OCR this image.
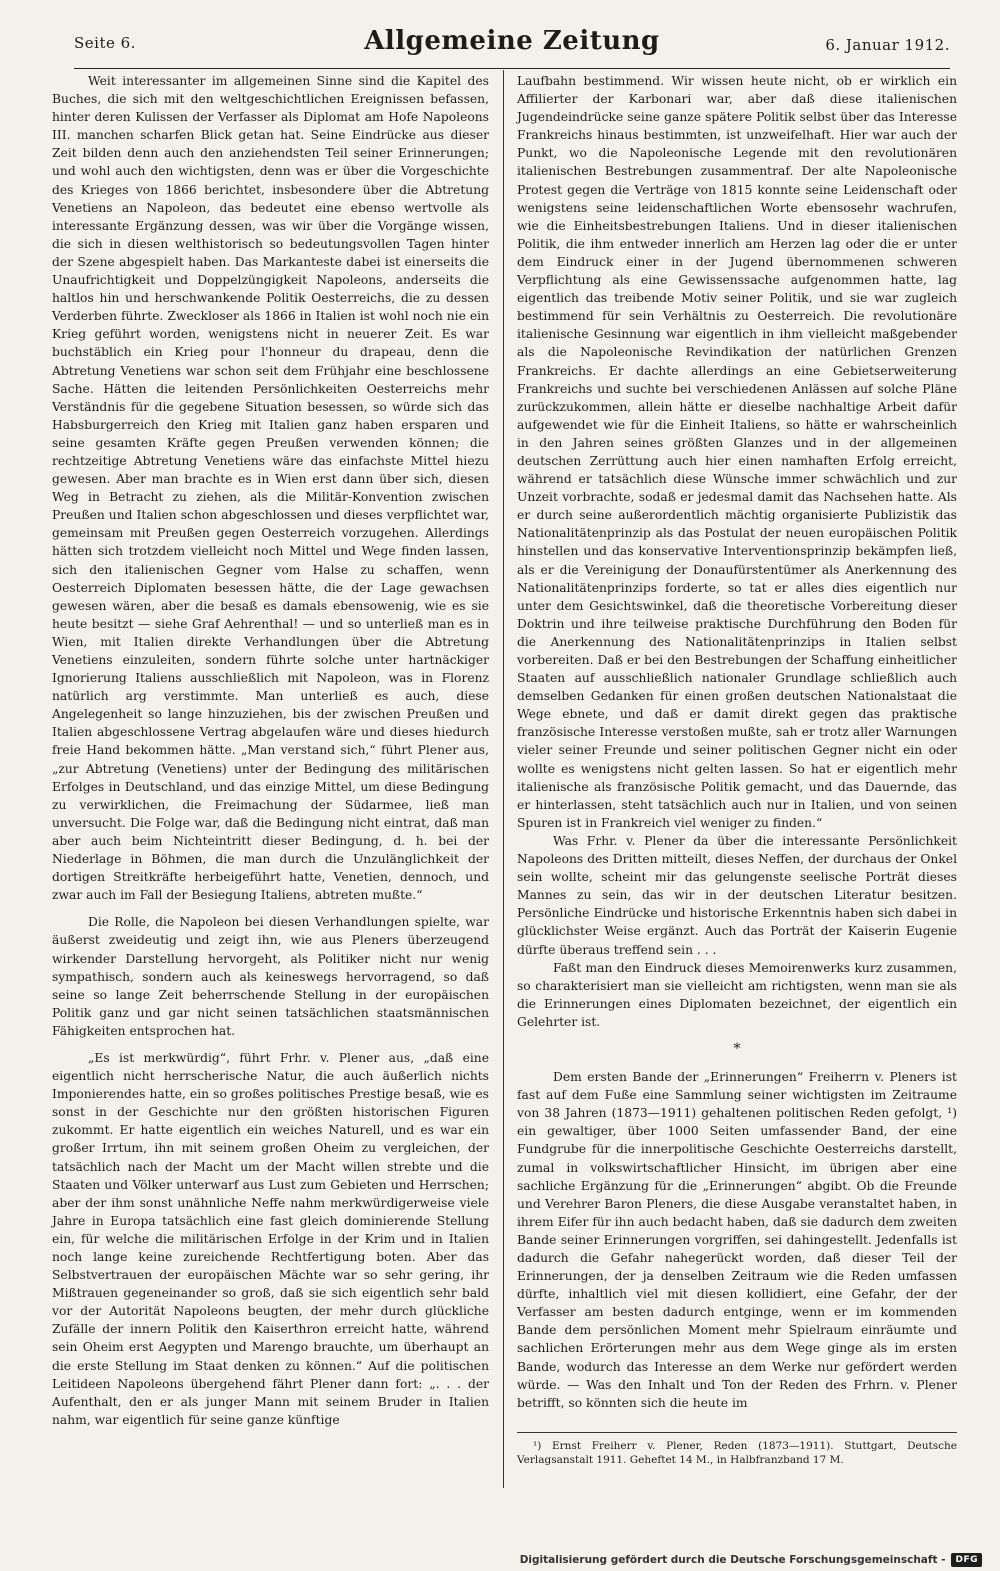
Seite 6.	Allgemeine Zeitung	6. Januar 1912.

Weit interessanter im allgemeinen Sinne sind die Kapitel des Buches, die sich mit den weltgeschichtlichen Ereignissen befassen, hinter deren Kulissen der Verfasser als Diplomat am Hofe Napoleons III. manchen scharfen Blick getan hat. Seine Eindrücke aus dieser Zeit bilden denn auch den anziehendsten Teil seiner Erinnerungen; und wohl auch den wichtigsten, denn was er über die Vorgeschichte des Krieges von 1866 berichtet, insbesondere über die Abtretung Venetiens an Napoleon, das bedeutet eine ebenso wertvolle als interessante Ergänzung dessen, was wir über die Vorgänge wissen, die sich in diesen welthistorisch so bedeutungsvollen Tagen hinter der Szene abgespielt haben. Das Markanteste dabei ist einerseits die Unaufrichtigkeit und Doppelzüngigkeit Napoleons, anderseits die haltlos hin und herschwankende Politik Oesterreichs, die zu dessen Verderben führte. Zweckloser als 1866 in Italien ist wohl noch nie ein Krieg geführt worden, wenigstens nicht in neuerer Zeit. Es war buchstäblich ein Krieg pour l'honneur du drapeau, denn die Abtretung Venetiens war schon seit dem Frühjahr eine beschlossene Sache. Hätten die leitenden Persönlichkeiten Oesterreichs mehr Verständnis für die gegebene Situation besessen, so würde sich das Habsburgerreich den Krieg mit Italien ganz haben ersparen und seine gesamten Kräfte gegen Preußen verwenden können; die rechtzeitige Abtretung Venetiens wäre das einfachste Mittel hiezu gewesen. Aber man brachte es in Wien erst dann über sich, diesen Weg in Betracht zu ziehen, als die Militär-Konvention zwischen Preußen und Italien schon abgeschlossen und dieses verpflichtet war, gemeinsam mit Preußen gegen Oesterreich vorzugehen. Allerdings hätten sich trotzdem vielleicht noch Mittel und Wege finden lassen, sich den italienischen Gegner vom Halse zu schaffen, wenn Oesterreich Diplomaten besessen hätte, die der Lage gewachsen gewesen wären, aber die besaß es damals ebensowenig, wie es sie heute besitzt — siehe Graf Aehrenthal! — und so unterließ man es in Wien, mit Italien direkte Verhandlungen über die Abtretung Venetiens einzuleiten, sondern führte solche unter hartnäckiger Ignorierung Italiens ausschließlich mit Napoleon, was in Florenz natürlich arg verstimmte. Man unterließ es auch, diese Angelegenheit so lange hinzuziehen, bis der zwischen Preußen und Italien abgeschlossene Vertrag abgelaufen wäre und dieses hiedurch freie Hand bekommen hätte. „Man verstand sich,“ führt Plener aus, „zur Abtretung (Venetiens) unter der Bedingung des militärischen Erfolges in Deutschland, und das einzige Mittel, um diese Bedingung zu verwirklichen, die Freimachung der Südarmee, ließ man unversucht. Die Folge war, daß die Bedingung nicht eintrat, daß man aber auch beim Nichteintritt dieser Bedingung, d. h. bei der Niederlage in Böhmen, die man durch die Unzulänglichkeit der dortigen Streitkräfte herbeigeführt hatte, Venetien, dennoch, und zwar auch im Fall der Besiegung Italiens, abtreten mußte.“

Die Rolle, die Napoleon bei diesen Verhandlungen spielte, war äußerst zweideutig und zeigt ihn, wie aus Pleners überzeugend wirkender Darstellung hervorgeht, als Politiker nicht nur wenig sympathisch, sondern auch als keineswegs hervorragend, so daß seine so lange Zeit beherrschende Stellung in der europäischen Politik ganz und gar nicht seinen tatsächlichen staatsmännischen Fähigkeiten entsprochen hat.

„Es ist merkwürdig“, führt Frhr. v. Plener aus, „daß eine eigentlich nicht herrscherische Natur, die auch äußerlich nichts Imponierendes hatte, ein so großes politisches Prestige besaß, wie es sonst in der Geschichte nur den größten historischen Figuren zukommt. Er hatte eigentlich ein weiches Naturell, und es war ein großer Irrtum, ihn mit seinem großen Oheim zu vergleichen, der tatsächlich nach der Macht um der Macht willen strebte und die Staaten und Völker unterwarf aus Lust zum Gebieten und Herrschen; aber der ihm sonst unähnliche Neffe nahm merkwürdigerweise viele Jahre in Europa tatsächlich eine fast gleich dominierende Stellung ein, für welche die militärischen Erfolge in der Krim und in Italien noch lange keine zureichende Rechtfertigung boten. Aber das Selbstvertrauen der europäischen Mächte war so sehr gering, ihr Mißtrauen gegeneinander so groß, daß sie sich eigentlich sehr bald vor der Autorität Napoleons beugten, der mehr durch glückliche Zufälle der innern Politik den Kaiserthron erreicht hatte, während sein Oheim erst Aegypten und Marengo brauchte, um überhaupt an die erste Stellung im Staat denken zu können.“ Auf die politischen Leitideen Napoleons übergehend fährt Plener dann fort: „. . . der Aufenthalt, den er als junger Mann mit seinem Bruder in Italien nahm, war eigentlich für seine ganze künftige

Laufbahn bestimmend. Wir wissen heute nicht, ob er wirklich ein Affilierter der Karbonari war, aber daß diese italienischen Jugendeindrücke seine ganze spätere Politik selbst über das Interesse Frankreichs hinaus bestimmten, ist unzweifelhaft. Hier war auch der Punkt, wo die Napoleonische Legende mit den revolutionären italienischen Bestrebungen zusammentraf. Der alte Napoleonische Protest gegen die Verträge von 1815 konnte seine Leidenschaft oder wenigstens seine leidenschaftlichen Worte ebensosehr wachrufen, wie die Einheitsbestrebungen Italiens. Und in dieser italienischen Politik, die ihm entweder innerlich am Herzen lag oder die er unter dem Eindruck einer in der Jugend übernommenen schweren Verpflichtung als eine Gewissenssache aufgenommen hatte, lag eigentlich das treibende Motiv seiner Politik, und sie war zugleich bestimmend für sein Verhältnis zu Oesterreich. Die revolutionäre italienische Gesinnung war eigentlich in ihm vielleicht maßgebender als die Napoleonische Revindikation der natürlichen Grenzen Frankreichs. Er dachte allerdings an eine Gebietserweiterung Frankreichs und suchte bei verschiedenen Anlässen auf solche Pläne zurückzukommen, allein hätte er dieselbe nachhaltige Arbeit dafür aufgewendet wie für die Einheit Italiens, so hätte er wahrscheinlich in den Jahren seines größten Glanzes und in der allgemeinen deutschen Zerrüttung auch hier einen namhaften Erfolg erreicht, während er tatsächlich diese Wünsche immer schwächlich und zur Unzeit vorbrachte, sodaß er jedesmal damit das Nachsehen hatte. Als er durch seine außerordentlich mächtig organisierte Publizistik das Nationalitätenprinzip als das Postulat der neuen europäischen Politik hinstellen und das konservative Interventionsprinzip bekämpfen ließ, als er die Vereinigung der Donaufürstentümer als Anerkennung des Nationalitätenprinzips forderte, so tat er alles dies eigentlich nur unter dem Gesichtswinkel, daß die theoretische Vorbereitung dieser Doktrin und ihre teilweise praktische Durchführung den Boden für die Anerkennung des Nationalitätenprinzips in Italien selbst vorbereiten. Daß er bei den Bestrebungen der Schaffung einheitlicher Staaten auf ausschließlich nationaler Grundlage schließlich auch demselben Gedanken für einen großen deutschen Nationalstaat die Wege ebnete, und daß er damit direkt gegen das praktische französische Interesse verstoßen mußte, sah er trotz aller Warnungen vieler seiner Freunde und seiner politischen Gegner nicht ein oder wollte es wenigstens nicht gelten lassen. So hat er eigentlich mehr italienische als französische Politik gemacht, und das Dauernde, das er hinterlassen, steht tatsächlich auch nur in Italien, und von seinen Spuren ist in Frankreich viel weniger zu finden.“

Was Frhr. v. Plener da über die interessante Persönlichkeit Napoleons des Dritten mitteilt, dieses Neffen, der durchaus der Onkel sein wollte, scheint mir das gelungenste seelische Porträt dieses Mannes zu sein, das wir in der deutschen Literatur besitzen. Persönliche Eindrücke und historische Erkenntnis haben sich dabei in glücklichster Weise ergänzt. Auch das Porträt der Kaiserin Eugenie dürfte überaus treffend sein . . .

Faßt man den Eindruck dieses Memoirenwerks kurz zusammen, so charakterisiert man sie vielleicht am richtigsten, wenn man sie als die Erinnerungen eines Diplomaten bezeichnet, der eigentlich ein Gelehrter ist.

*

Dem ersten Bande der „Erinnerungen“ Freiherrn v. Pleners ist fast auf dem Fuße eine Sammlung seiner wichtigsten im Zeitraume von 38 Jahren (1873—1911) gehaltenen politischen Reden gefolgt, ¹) ein gewaltiger, über 1000 Seiten umfassender Band, der eine Fundgrube für die innerpolitische Geschichte Oesterreichs darstellt, zumal in volkswirtschaftlicher Hinsicht, im übrigen aber eine sachliche Ergänzung für die „Erinnerungen“ abgibt. Ob die Freunde und Verehrer Baron Pleners, die diese Ausgabe veranstaltet haben, in ihrem Eifer für ihn auch bedacht haben, daß sie dadurch dem zweiten Bande seiner Erinnerungen vorgriffen, sei dahingestellt. Jedenfalls ist dadurch die Gefahr nahegerückt worden, daß dieser Teil der Erinnerungen, der ja denselben Zeitraum wie die Reden umfassen dürfte, inhaltlich viel mit diesen kollidiert, eine Gefahr, der der Verfasser am besten dadurch entginge, wenn er im kommenden Bande dem persönlichen Moment mehr Spielraum einräumte und sachlichen Erörterungen mehr aus dem Wege ginge als im ersten Bande, wodurch das Interesse an dem Werke nur gefördert werden würde. — Was den Inhalt und Ton der Reden des Frhrn. v. Plener betrifft, so könnten sich die heute im

¹) Ernst Freiherr v. Plener, Reden (1873—1911). Stuttgart, Deutsche Verlagsanstalt 1911. Geheftet 14 M., in Halbfranzband 17 M.
Digitalisierung gefördert durch die Deutsche Forschungsgemeinschaft -	DFG
